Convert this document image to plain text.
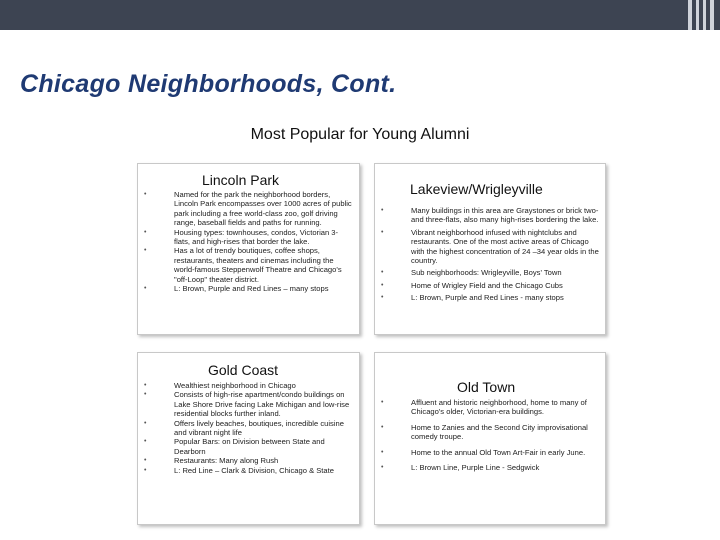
Chicago Neighborhoods, Cont.
Most Popular for Young Alumni
Lincoln Park
•	Named for the park the neighborhood borders, Lincoln Park encompasses over 1000 acres of public park including a free world-class zoo, golf driving range, baseball fields and paths for running.
•	Housing types: townhouses, condos, Victorian 3-flats, and high-rises that border the lake.
•	Has a lot of trendy boutiques, coffee shops, restaurants, theaters and cinemas including the world-famous Steppenwolf Theatre and Chicago's "off-Loop" theater district.
•	L: Brown, Purple and Red Lines – many stops
Lakeview/Wrigleyville
•	Many buildings in this area are Graystones or brick two-and three-flats, also many high-rises bordering the lake.
•	Vibrant neighborhood infused with nightclubs and restaurants. One of the most active areas of Chicago with the highest concentration of 24 –34 year olds in the country.
•	Sub neighborhoods: Wrigleyville, Boys' Town
•	Home of Wrigley Field and the Chicago Cubs
•	L: Brown, Purple and Red Lines - many stops
Gold Coast
•	Wealthiest neighborhood in Chicago
•	Consists of high-rise apartment/condo buildings on Lake Shore Drive facing Lake Michigan and low-rise residential blocks further inland.
•	Offers lively beaches, boutiques, incredible cuisine and vibrant night life
•	Popular Bars: on Division between State and Dearborn
•	Restaurants: Many along Rush
•	L: Red Line – Clark & Division, Chicago & State
Old Town
•	Affluent and historic neighborhood, home to many of Chicago's older, Victorian-era buildings.
•	Home to Zanies and the Second City improvisational comedy troupe.
•	Home to the annual Old Town Art-Fair in early June.
•	L: Brown Line, Purple Line - Sedgwick
